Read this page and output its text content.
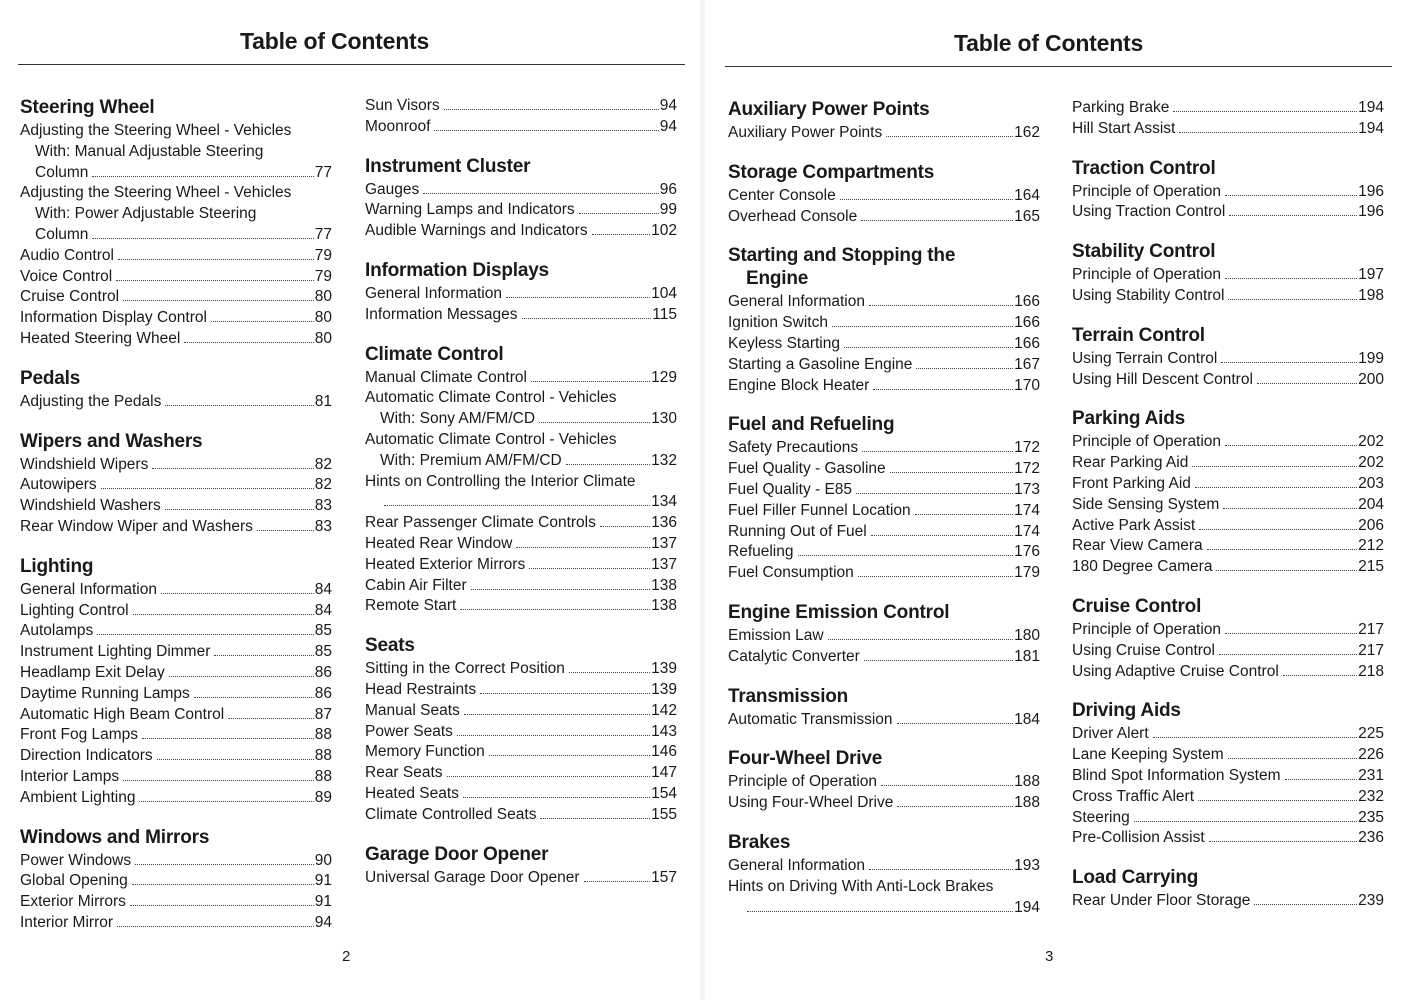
Table of Contents
Steering Wheel
Adjusting the Steering Wheel - Vehicles
With: Manual Adjustable Steering
Column	77
Adjusting the Steering Wheel - Vehicles
With: Power Adjustable Steering
Column	77
Audio Control	79
Voice Control	79
Cruise Control	80
Information Display Control	80
Heated Steering Wheel	80
Pedals
Adjusting the Pedals	81
Wipers and Washers
Windshield Wipers	82
Autowipers	82
Windshield Washers	83
Rear Window Wiper and Washers	83
Lighting
General Information	84
Lighting Control	84
Autolamps	85
Instrument Lighting Dimmer	85
Headlamp Exit Delay	86
Daytime Running Lamps	86
Automatic High Beam Control	87
Front Fog Lamps	88
Direction Indicators	88
Interior Lamps	88
Ambient Lighting	89
Windows and Mirrors
Power Windows	90
Global Opening	91
Exterior Mirrors	91
Interior Mirror	94
Sun Visors	94
Moonroof	94
Instrument Cluster
Gauges	96
Warning Lamps and Indicators	99
Audible Warnings and Indicators	102
Information Displays
General Information	104
Information Messages	115
Climate Control
Manual Climate Control	129
Automatic Climate Control - Vehicles
With: Sony AM/FM/CD	130
Automatic Climate Control - Vehicles
With: Premium AM/FM/CD	132
Hints on Controlling the Interior Climate
134
Rear Passenger Climate Controls	136
Heated Rear Window	137
Heated Exterior Mirrors	137
Cabin Air Filter	138
Remote Start	138
Seats
Sitting in the Correct Position	139
Head Restraints	139
Manual Seats	142
Power Seats	143
Memory Function	146
Rear Seats	147
Heated Seats	154
Climate Controlled Seats	155
Garage Door Opener
Universal Garage Door Opener	157

2

Table of Contents
Auxiliary Power Points
Auxiliary Power Points	162
Storage Compartments
Center Console	164
Overhead Console	165
Starting and Stopping the
Engine
General Information	166
Ignition Switch	166
Keyless Starting	166
Starting a Gasoline Engine	167
Engine Block Heater	170
Fuel and Refueling
Safety Precautions	172
Fuel Quality - Gasoline	172
Fuel Quality - E85	173
Fuel Filler Funnel Location	174
Running Out of Fuel	174
Refueling	176
Fuel Consumption	179
Engine Emission Control
Emission Law	180
Catalytic Converter	181
Transmission
Automatic Transmission	184
Four-Wheel Drive
Principle of Operation	188
Using Four-Wheel Drive	188
Brakes
General Information	193
Hints on Driving With Anti-Lock Brakes
194
Parking Brake	194
Hill Start Assist	194
Traction Control
Principle of Operation	196
Using Traction Control	196
Stability Control
Principle of Operation	197
Using Stability Control	198
Terrain Control
Using Terrain Control	199
Using Hill Descent Control	200
Parking Aids
Principle of Operation	202
Rear Parking Aid	202
Front Parking Aid	203
Side Sensing System	204
Active Park Assist	206
Rear View Camera	212
180 Degree Camera	215
Cruise Control
Principle of Operation	217
Using Cruise Control	217
Using Adaptive Cruise Control	218
Driving Aids
Driver Alert	225
Lane Keeping System	226
Blind Spot Information System	231
Cross Traffic Alert	232
Steering	235
Pre-Collision Assist	236
Load Carrying
Rear Under Floor Storage	239

3
